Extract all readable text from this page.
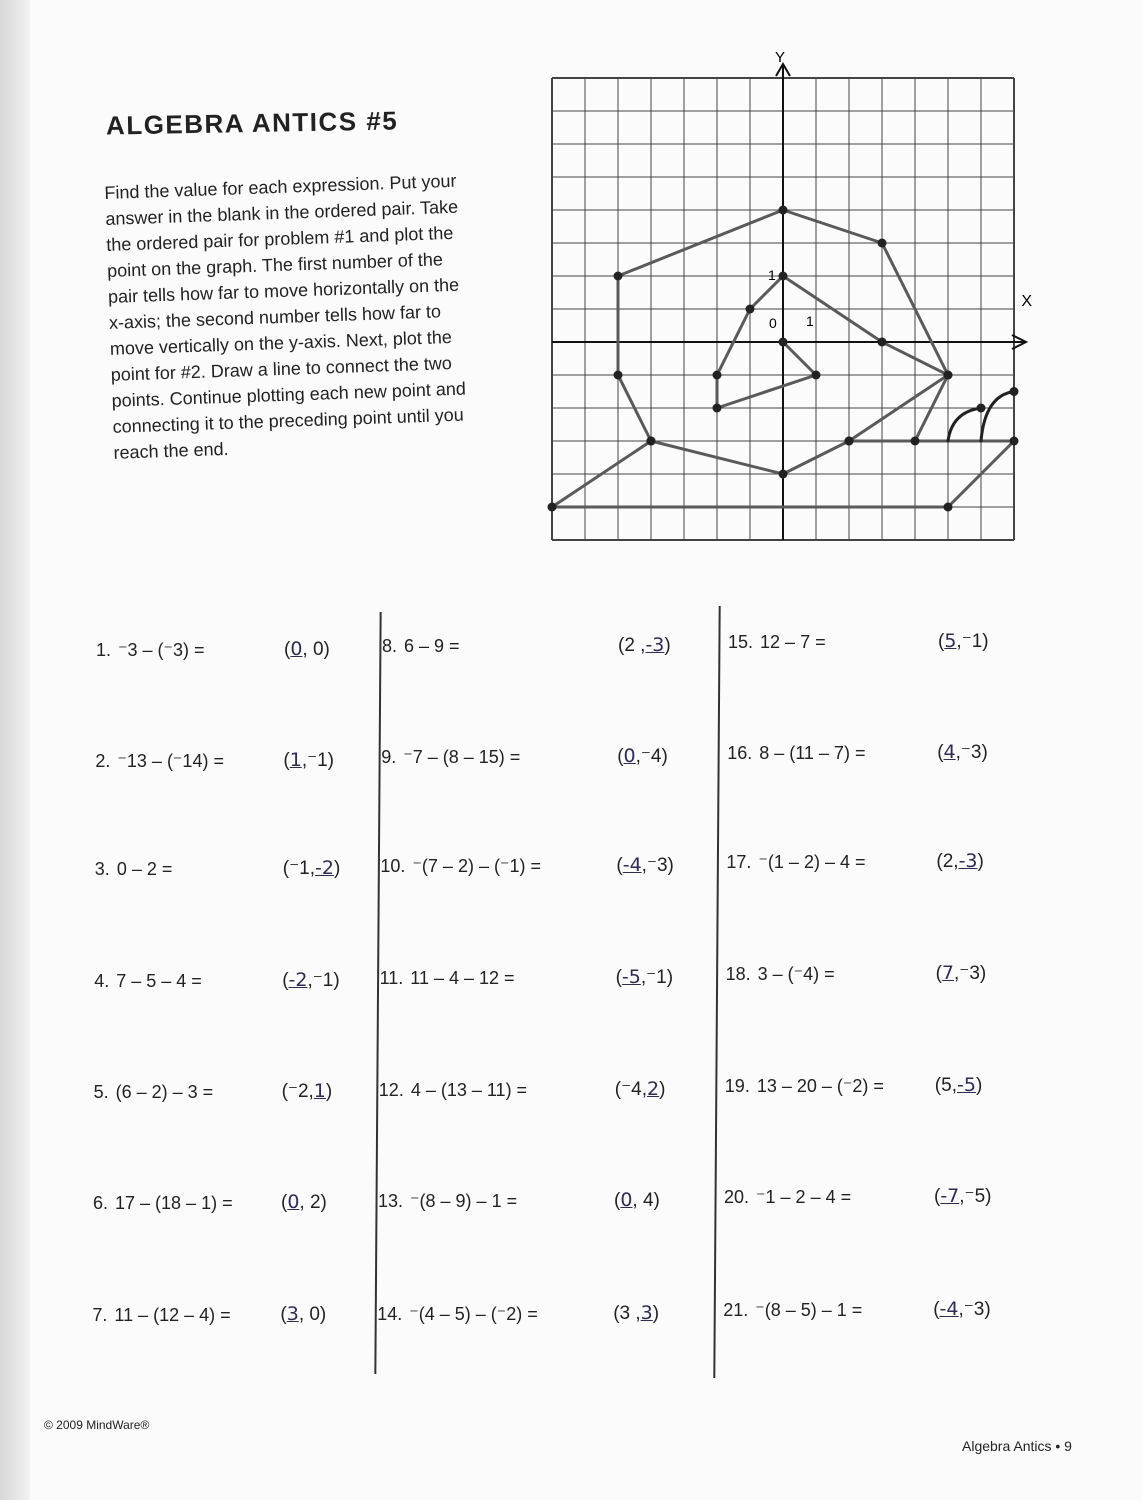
ALGEBRA ANTICS #5

Find the value for each expression. Put your answer in the blank in the ordered pair. Take the ordered pair for problem #1 and plot the point on the graph. The first number of the pair tells how far to move horizontally on the x-axis; the second number tells how far to move vertically on the y-axis. Next, plot the point for #2. Draw a line to connect the two points. Continue plotting each new point and connecting it to the preceding point until you reach the end.

Y
X
0 1
1
1. ⁻3 – (⁻3) =	(0, 0)
2. ⁻13 – (⁻14) =	(1,⁻1)
3. 0 – 2 =	(⁻1,-2)
4. 7 – 5 – 4 =	(-2,⁻1)
5. (6 – 2) – 3 =	(⁻2,1)
6. 17 – (18 – 1) =	(0, 2)
7. 11 – (12 – 4) =	(3, 0)
8. 6 – 9 =	(2 ,-3)
9. ⁻7 – (8 – 15) =	(0,⁻4)
10. ⁻(7 – 2) – (⁻1) =	(-4,⁻3)
11. 11 – 4 – 12 =	(-5,⁻1)
12. 4 – (13 – 11) =	(⁻4,2)
13. ⁻(8 – 9) – 1 =	(0, 4)
14. ⁻(4 – 5) – (⁻2) =	(3 ,3)
15. 12 – 7 =	(5,⁻1)
16. 8 – (11 – 7) =	(4,⁻3)
17. ⁻(1 – 2) – 4 =	(2,-3)
18. 3 – (⁻4) =	(7,⁻3)
19. 13 – 20 – (⁻2) =	(5,-5)
20. ⁻1 – 2 – 4 =	(-7,⁻5)
21. ⁻(8 – 5) – 1 =	(-4,⁻3)
© 2009 MindWare®
Algebra Antics • 9
